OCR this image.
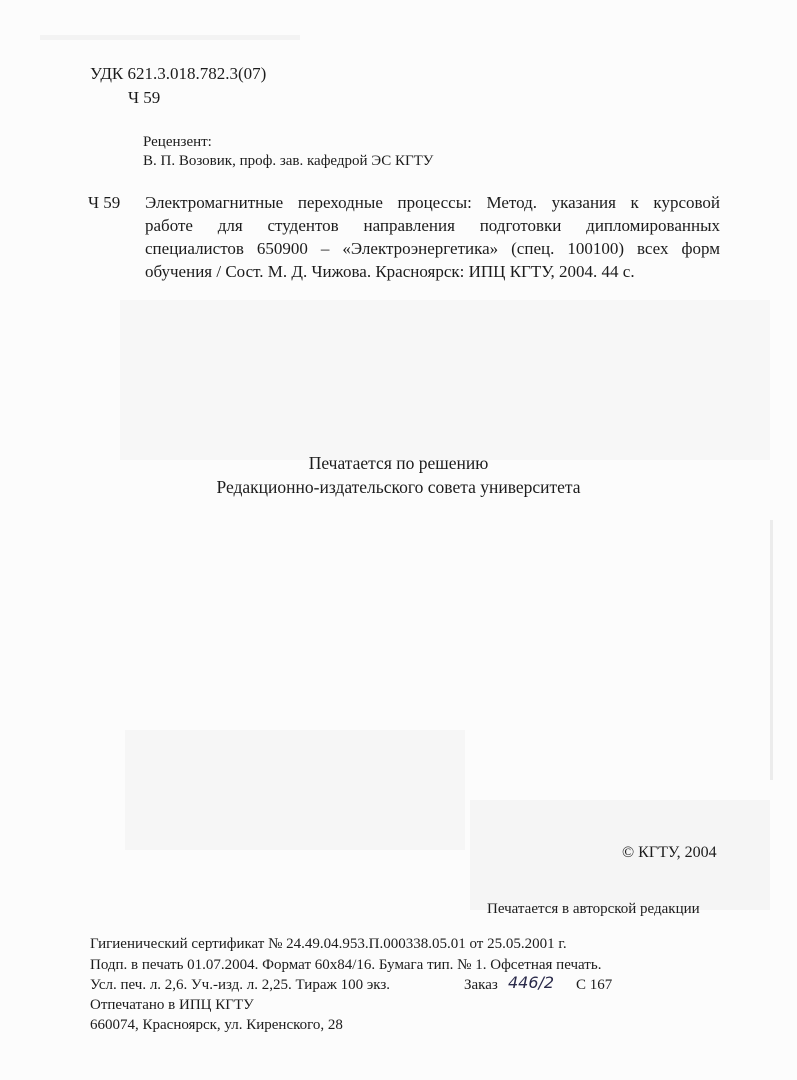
УДК 621.3.018.782.3(07)
Ч 59
Рецензент:
В. П. Возовик, проф. зав. кафедрой ЭС КГТУ
Ч 59 Электромагнитные переходные процессы: Метод. указания к курсовой
работе для студентов направления подготовки дипломированных
специалистов 650900 – «Электроэнергетика» (спец. 100100) всех форм
обучения / Сост. М. Д. Чижова. Красноярск: ИПЦ КГТУ, 2004. 44 с.
Печатается по решению
Редакционно-издательского совета университета
© КГТУ, 2004
Печатается в авторской редакции
Гигиенический сертификат № 24.49.04.953.П.000338.05.01 от 25.05.2001 г.
Подп. в печать 01.07.2004. Формат 60х84/16. Бумага тип. № 1. Офсетная печать.
Усл. печ. л. 2,6. Уч.-изд. л. 2,25. Тираж 100 экз.	Заказ 446/2 С 167
Отпечатано в ИПЦ КГТУ
660074, Красноярск, ул. Киренского, 28
